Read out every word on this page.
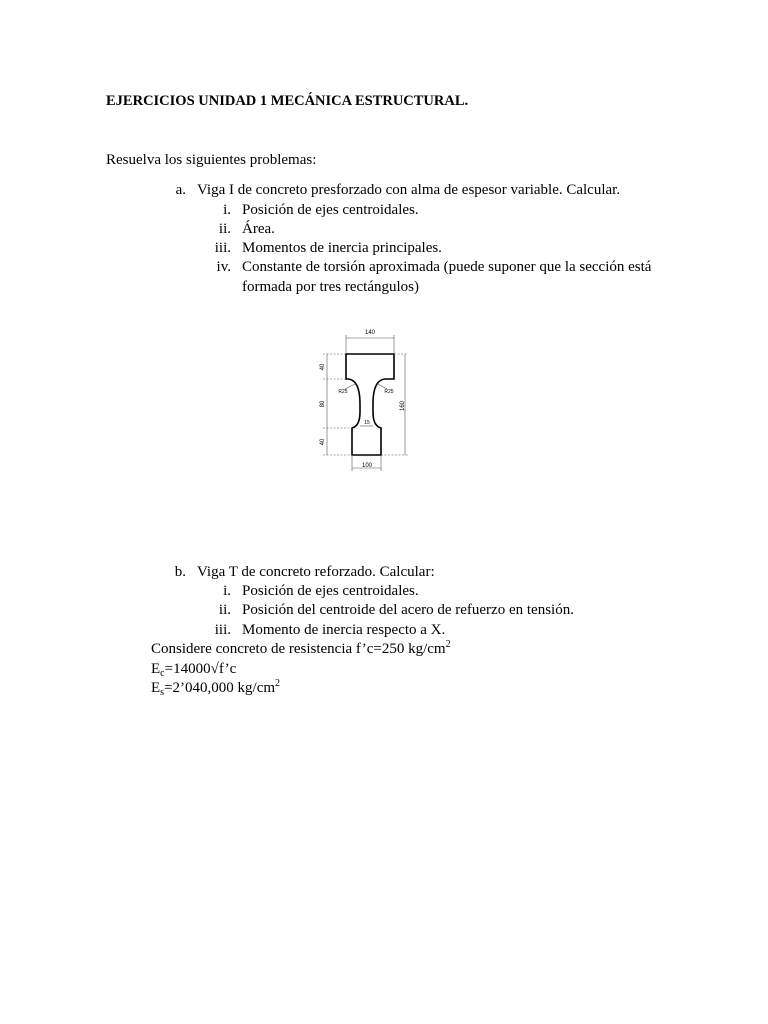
EJERCICIOS UNIDAD 1 MECÁNICA ESTRUCTURAL.
Resuelva los siguientes problemas:
a. Viga I de concreto presforzado con alma de espesor variable. Calcular.
i. Posición de ejes centroidales.
ii. Área.
iii. Momentos de inercia principales.
iv. Constante de torsión aproximada (puede suponer que la sección está
formada por tres rectángulos)
140
100
40
80
40
160
R25	R25
15
b. Viga T de concreto reforzado. Calcular:
i. Posición de ejes centroidales.
ii. Posición del centroide del acero de refuerzo en tensión.
iii. Momento de inercia respecto a X.
Considere concreto de resistencia f’c=250 $kg/cm^2$
$E_c=14000√f’c$
$E_s=2’040,000$ $kg/cm^2$
